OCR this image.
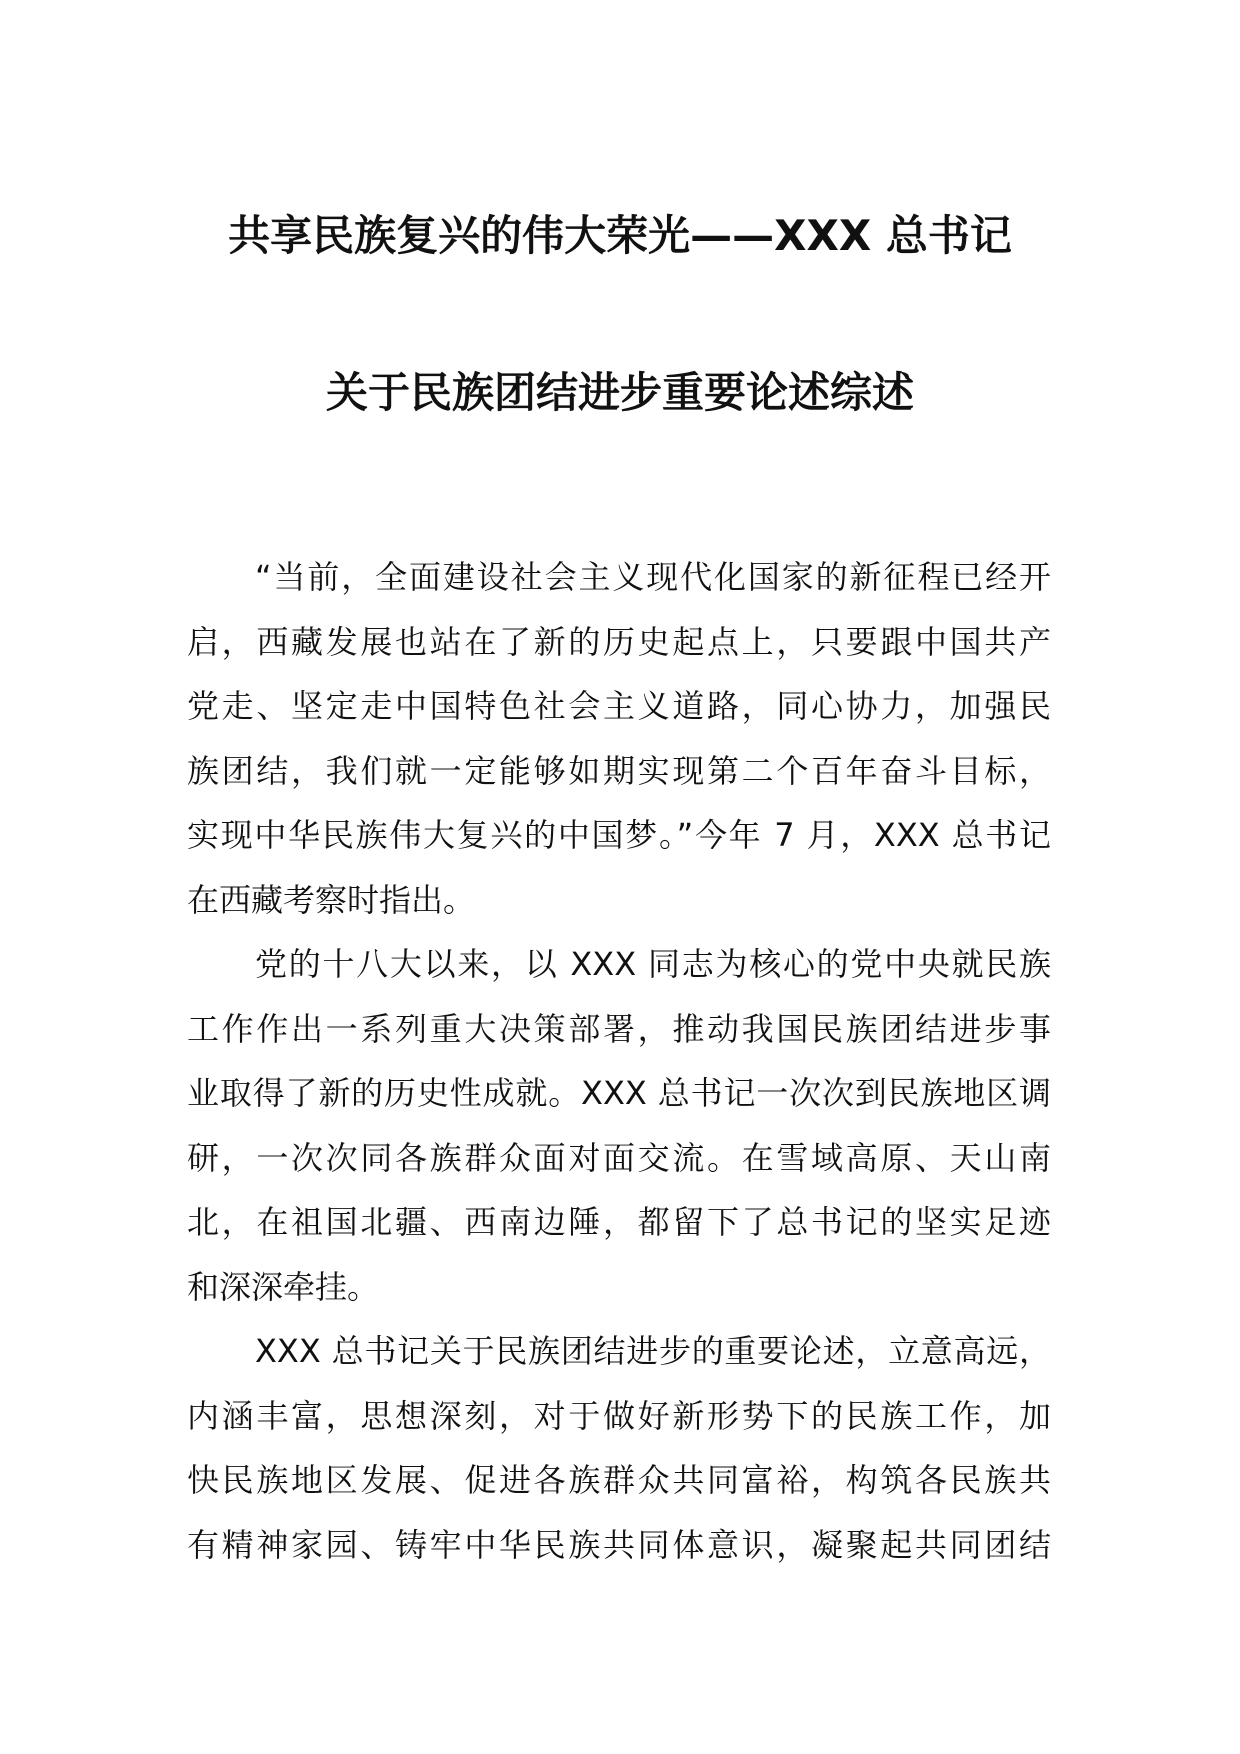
共享民族复兴的伟大荣光——XXX 总书记
关于民族团结进步重要论述综述

“当前，全面建设社会主义现代化国家的新征程已经开
启，西藏发展也站在了新的历史起点上，只要跟中国共产
党走、坚定走中国特色社会主义道路，同心协力，加强民
族团结，我们就一定能够如期实现第二个百年奋斗目标，
实现中华民族伟大复兴的中国梦。”今年 7 月，XXX 总书记
在西藏考察时指出。

党的十八大以来，以 XXX 同志为核心的党中央就民族
工作作出一系列重大决策部署，推动我国民族团结进步事
业取得了新的历史性成就。XXX 总书记一次次到民族地区调
研，一次次同各族群众面对面交流。在雪域高原、天山南
北，在祖国北疆、西南边陲，都留下了总书记的坚实足迹
和深深牵挂。

XXX 总书记关于民族团结进步的重要论述，立意高远，
内涵丰富，思想深刻，对于做好新形势下的民族工作，加
快民族地区发展、促进各族群众共同富裕，构筑各民族共
有精神家园、铸牢中华民族共同体意识，凝聚起共同团结
